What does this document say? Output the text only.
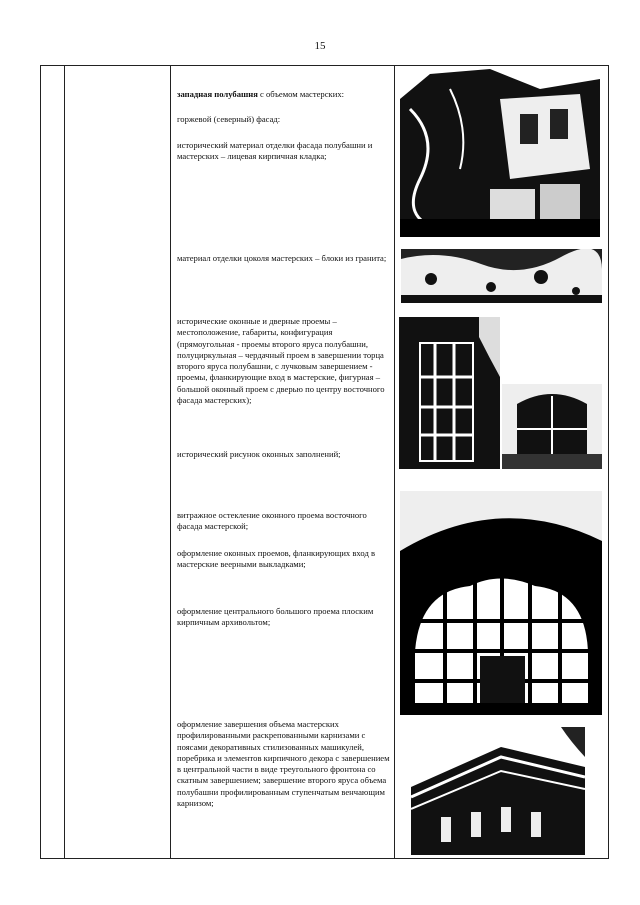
15

западная полубашня с объемом мастерских:

горжевой (северный) фасад:

исторический материал отделки фасада полубашни и мастерских – лицевая кирпичная кладка;

материал отделки цоколя мастерских – блоки из гранита;

исторические оконные и дверные проемы – местоположение, габариты, конфигурация (прямоугольная - проемы второго яруса полубашни, полуциркульная – чердачный проем в завершении торца второго яруса полубашни, с лучковым завершением - проемы, фланкирующие вход в мастерские, фигурная – большой оконный проем с дверью по центру восточного фасада мастерских);

исторический рисунок оконных заполнений;

витражное остекление оконного проема восточного фасада мастерской;

оформление оконных проемов, фланкирующих вход в мастерские веерными выкладками;

оформление центрального большого проема плоским кирпичным архивольтом;

оформление завершения объема мастерских профилированными раскрепованными карнизами с поясами декоративных стилизованных машикулей, поребрика и элементов кирпичного декора с завершением в центральной части в виде треугольного фронтона со скатным завершением; завершение второго яруса объема полубашни профилированным ступенчатым венчающим карнизом;
